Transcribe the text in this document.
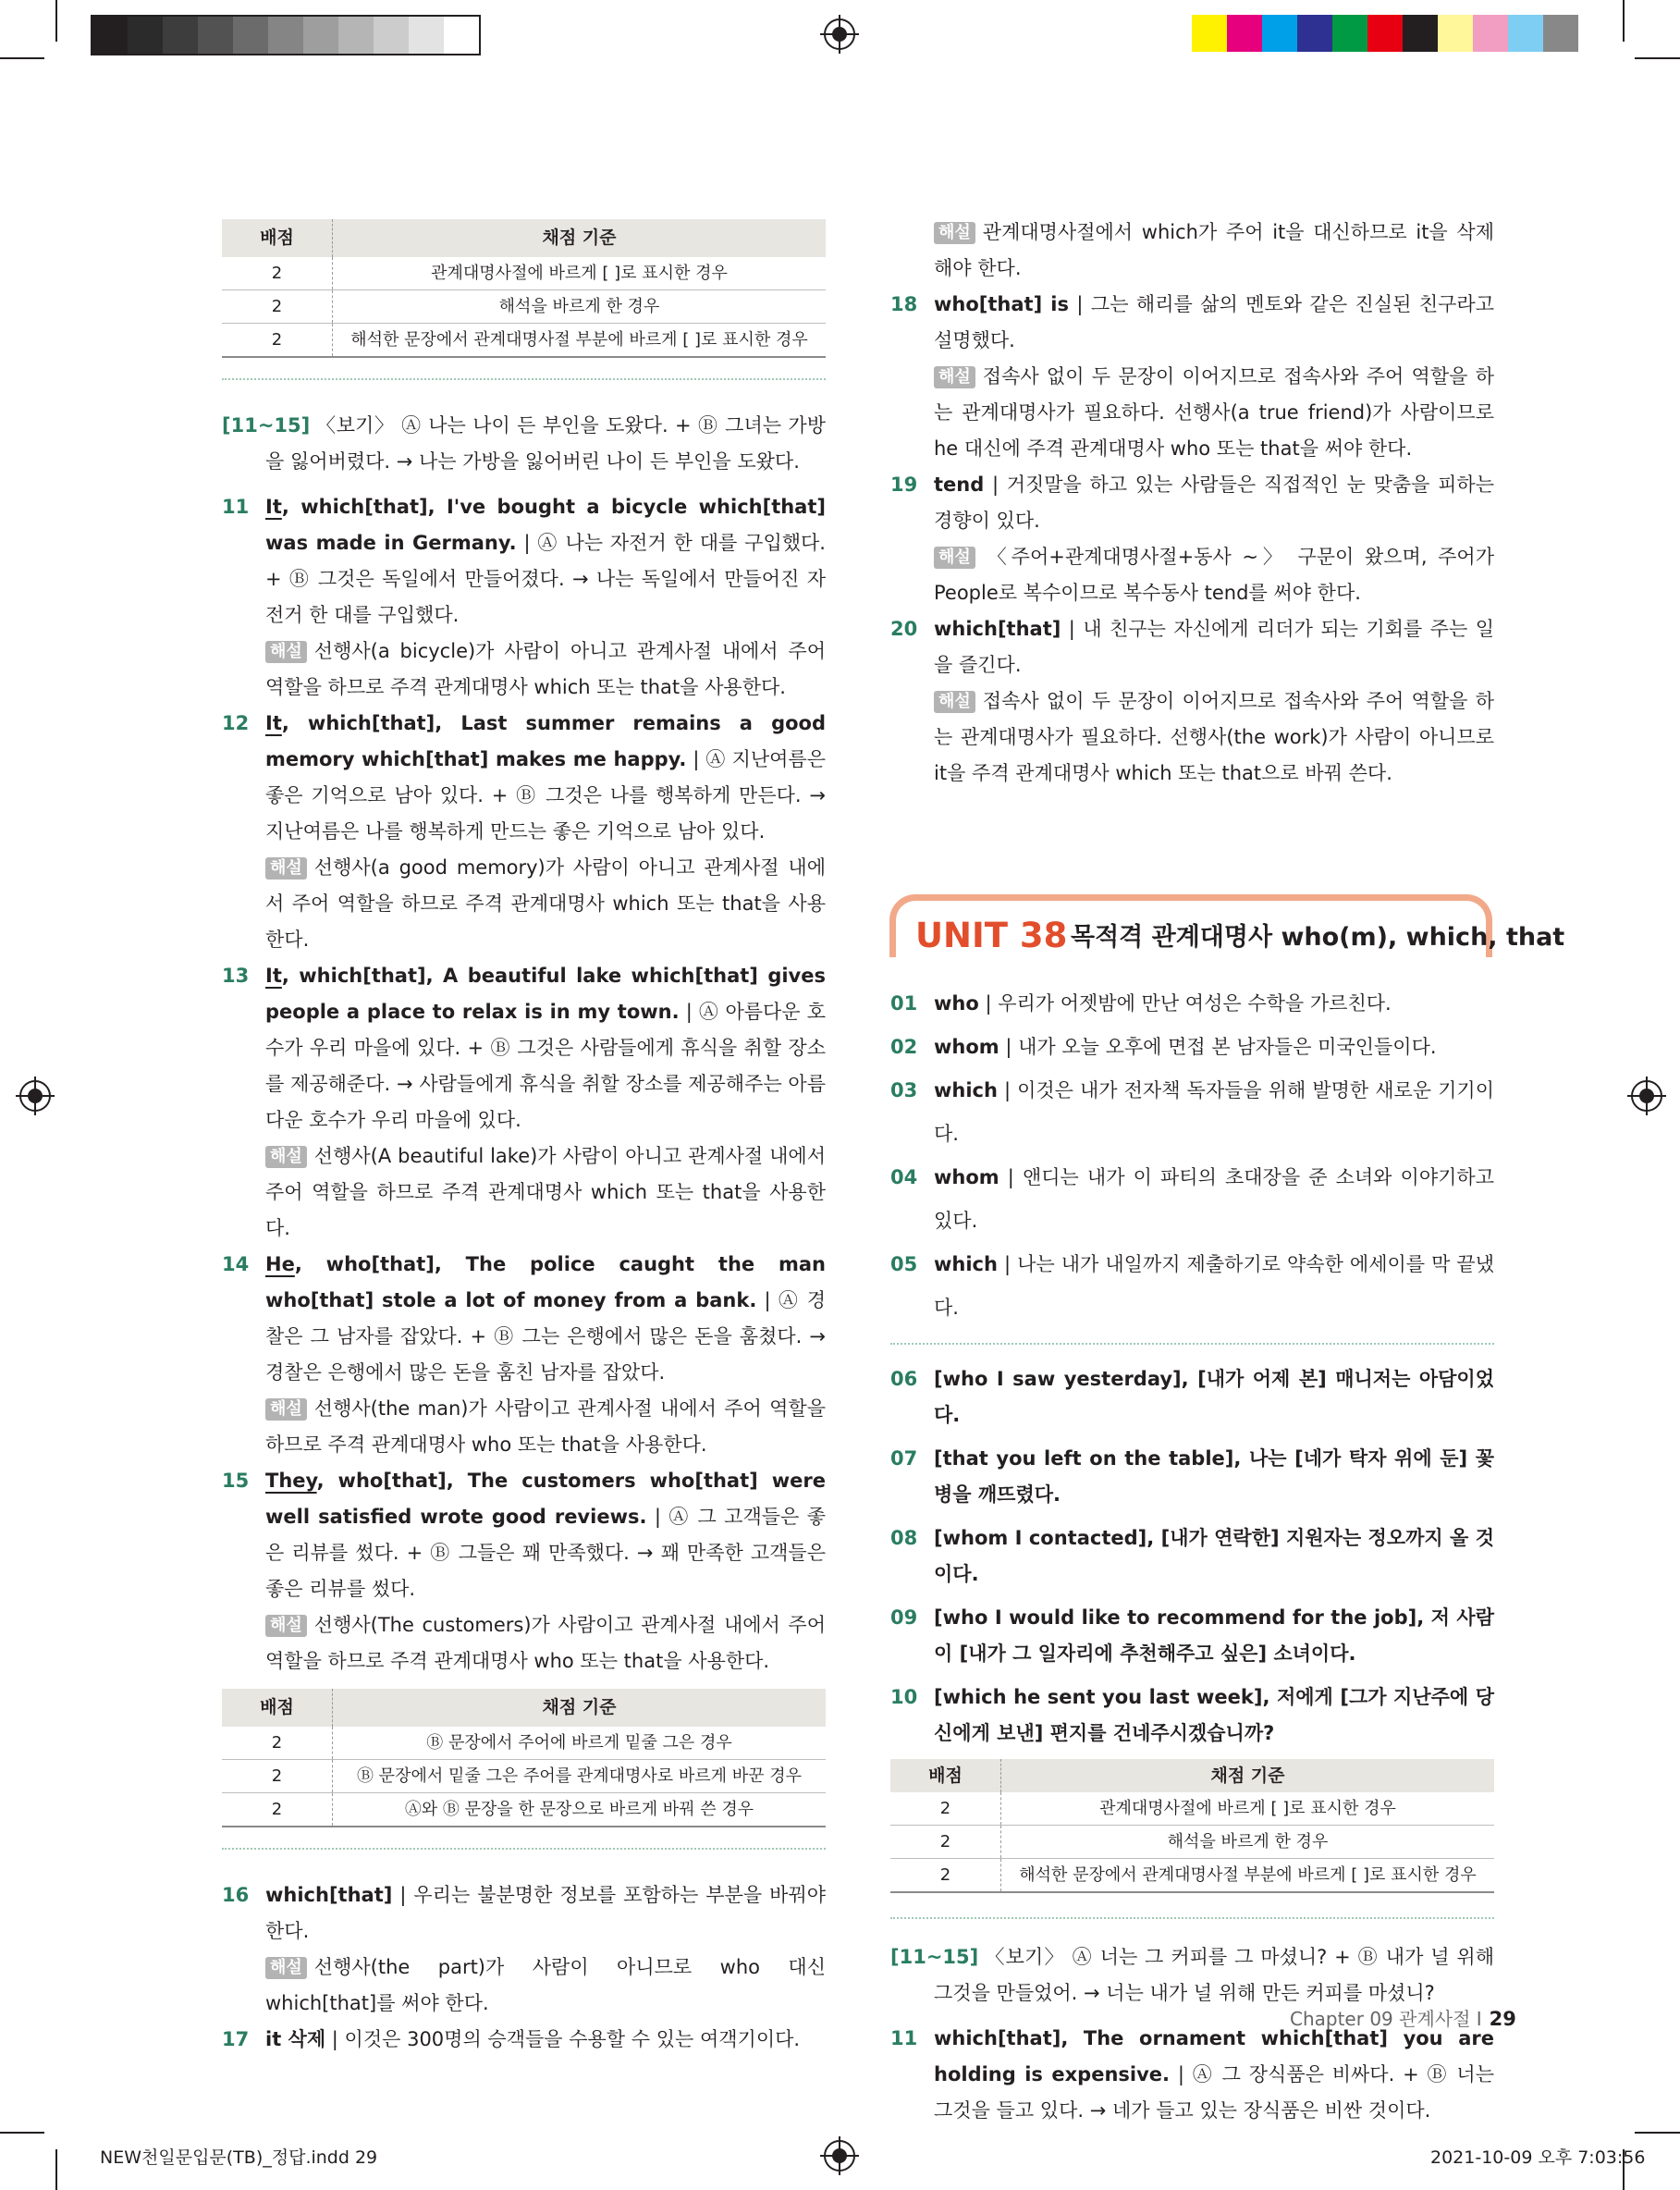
배점	채점 기준
2	관계대명사절에 바르게 [ ]로 표시한 경우
2	해석을 바르게 한 경우
2	해석한 문장에서 관계대명사절 부분에 바르게 [ ]로 표시한 경우

[11~15] 〈보기〉 Ⓐ 나는 나이 든 부인을 도왔다. + Ⓑ 그녀는 가방을 잃어버렸다. → 나는 가방을 잃어버린 나이 든 부인을 도왔다.

11 It, which[that], I've bought a bicycle which[that] was made in Germany. | Ⓐ 나는 자전거 한 대를 구입했다. + Ⓑ 그것은 독일에서 만들어졌다. → 나는 독일에서 만들어진 자전거 한 대를 구입했다.

해설 선행사(a bicycle)가 사람이 아니고 관계사절 내에서 주어 역할을 하므로 주격 관계대명사 which 또는 that을 사용한다.

12 It, which[that], Last summer remains a good memory which[that] makes me happy. | Ⓐ 지난여름은 좋은 기억으로 남아 있다. + Ⓑ 그것은 나를 행복하게 만든다. → 지난여름은 나를 행복하게 만드는 좋은 기억으로 남아 있다.

해설 선행사(a good memory)가 사람이 아니고 관계사절 내에서 주어 역할을 하므로 주격 관계대명사 which 또는 that을 사용한다.

13 It, which[that], A beautiful lake which[that] gives people a place to relax is in my town. | Ⓐ 아름다운 호수가 우리 마을에 있다. + Ⓑ 그것은 사람들에게 휴식을 취할 장소를 제공해준다. → 사람들에게 휴식을 취할 장소를 제공해주는 아름다운 호수가 우리 마을에 있다.

해설 선행사(A beautiful lake)가 사람이 아니고 관계사절 내에서 주어 역할을 하므로 주격 관계대명사 which 또는 that을 사용한다.

14 He, who[that], The police caught the man who[that] stole a lot of money from a bank. | Ⓐ 경찰은 그 남자를 잡았다. + Ⓑ 그는 은행에서 많은 돈을 훔쳤다. → 경찰은 은행에서 많은 돈을 훔친 남자를 잡았다.

해설 선행사(the man)가 사람이고 관계사절 내에서 주어 역할을 하므로 주격 관계대명사 who 또는 that을 사용한다.

15 They, who[that], The customers who[that] were well satisfied wrote good reviews. | Ⓐ 그 고객들은 좋은 리뷰를 썼다. + Ⓑ 그들은 꽤 만족했다. → 꽤 만족한 고객들은 좋은 리뷰를 썼다.

해설 선행사(The customers)가 사람이고 관계사절 내에서 주어 역할을 하므로 주격 관계대명사 who 또는 that을 사용한다.

배점	채점 기준
2	Ⓑ 문장에서 주어에 바르게 밑줄 그은 경우
2	Ⓑ 문장에서 밑줄 그은 주어를 관계대명사로 바르게 바꾼 경우
2	Ⓐ와 Ⓑ 문장을 한 문장으로 바르게 바꿔 쓴 경우
16 which[that] | 우리는 불분명한 정보를 포함하는 부분을 바꿔야 한다.

해설 선행사(the part)가 사람이 아니므로 who 대신 which[that]를 써야 한다.

17 it 삭제 | 이것은 300명의 승객들을 수용할 수 있는 여객기이다.

해설 관계대명사절에서 which가 주어 it을 대신하므로 it을 삭제해야 한다.

18 who[that] is | 그는 해리를 삶의 멘토와 같은 진실된 친구라고 설명했다.

해설 접속사 없이 두 문장이 이어지므로 접속사와 주어 역할을 하는 관계대명사가 필요하다. 선행사(a true friend)가 사람이므로 he 대신에 주격 관계대명사 who 또는 that을 써야 한다.

19 tend | 거짓말을 하고 있는 사람들은 직접적인 눈 맞춤을 피하는 경향이 있다.

해설 〈주어+관계대명사절+동사 ~〉 구문이 왔으며, 주어가 People로 복수이므로 복수동사 tend를 써야 한다.

20 which[that] | 내 친구는 자신에게 리더가 되는 기회를 주는 일을 즐긴다.

해설 접속사 없이 두 문장이 이어지므로 접속사와 주어 역할을 하는 관계대명사가 필요하다. 선행사(the work)가 사람이 아니므로 it을 주격 관계대명사 which 또는 that으로 바꿔 쓴다.

UNIT 38 목적격 관계대명사 who(m), which, that
01 who | 우리가 어젯밤에 만난 여성은 수학을 가르친다.

02 whom | 내가 오늘 오후에 면접 본 남자들은 미국인들이다.

03 which | 이것은 내가 전자책 독자들을 위해 발명한 새로운 기기이다.

04 whom | 앤디는 내가 이 파티의 초대장을 준 소녀와 이야기하고 있다.

05 which | 나는 내가 내일까지 제출하기로 약속한 에세이를 막 끝냈다.

06 [who I saw yesterday], [내가 어제 본] 매니저는 아담이었다.

07 [that you left on the table], 나는 [네가 탁자 위에 둔] 꽃병을 깨뜨렸다.

08 [whom I contacted], [내가 연락한] 지원자는 정오까지 올 것이다.

09 [who I would like to recommend for the job], 저 사람이 [내가 그 일자리에 추천해주고 싶은] 소녀이다.

10 [which he sent you last week], 저에게 [그가 지난주에 당신에게 보낸] 편지를 건네주시겠습니까?

배점	채점 기준
2	관계대명사절에 바르게 [ ]로 표시한 경우
2	해석을 바르게 한 경우
2	해석한 문장에서 관계대명사절 부분에 바르게 [ ]로 표시한 경우

[11~15] 〈보기〉 Ⓐ 너는 그 커피를 그 마셨니? + Ⓑ 내가 널 위해 그것을 만들었어. → 너는 내가 널 위해 만든 커피를 마셨니?

11 which[that], The ornament which[that] you are holding is expensive. | Ⓐ 그 장식품은 비싸다. + Ⓑ 너는 그것을 들고 있다. → 네가 들고 있는 장식품은 비싼 것이다.

Chapter 09 관계사절 Ⅰ 29
NEW천일문입문(TB)_정답.indd 29	2021-10-09 오후 7:03:56
